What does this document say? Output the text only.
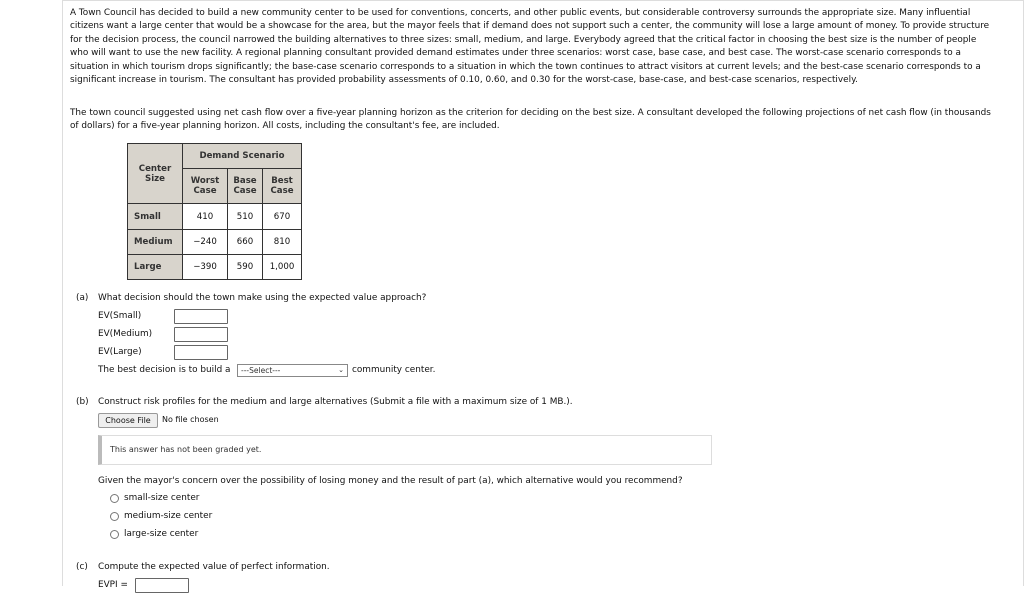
A Town Council has decided to build a new community center to be used for conventions, concerts, and other public events, but considerable controversy surrounds the appropriate size. Many influential citizens want a large center that would be a showcase for the area, but the mayor feels that if demand does not support such a center, the community will lose a large amount of money. To provide structure for the decision process, the council narrowed the building alternatives to three sizes: small, medium, and large. Everybody agreed that the critical factor in choosing the best size is the number of people who will want to use the new facility. A regional planning consultant provided demand estimates under three scenarios: worst case, base case, and best case. The worst-case scenario corresponds to a situation in which tourism drops significantly; the base-case scenario corresponds to a situation in which the town continues to attract visitors at current levels; and the best-case scenario corresponds to a significant increase in tourism. The consultant has provided probability assessments of 0.10, 0.60, and 0.30 for the worst-case, base-case, and best-case scenarios, respectively.

The town council suggested using net cash flow over a five-year planning horizon as the criterion for deciding on the best size. A consultant developed the following projections of net cash flow (in thousands of dollars) for a five-year planning horizon. All costs, including the consultant's fee, are included.

Center Size	Demand Scenario		
	Worst Case	Base Case	Best Case
Small	410	510	670
Medium	−240	660	810
Large	−390	590	1,000
(a) What decision should the town make using the expected value approach?
EV(Small)
EV(Medium)
EV(Large)
The best decision is to build a	---Select---	⌄ community center.
(b) Construct risk profiles for the medium and large alternatives (Submit a file with a maximum size of 1 MB.).
Choose File	No file chosen
This answer has not been graded yet.
Given the mayor's concern over the possibility of losing money and the result of part (a), which alternative would you recommend?
small-size center
medium-size center
large-size center
(c) Compute the expected value of perfect information.
EVPI =
